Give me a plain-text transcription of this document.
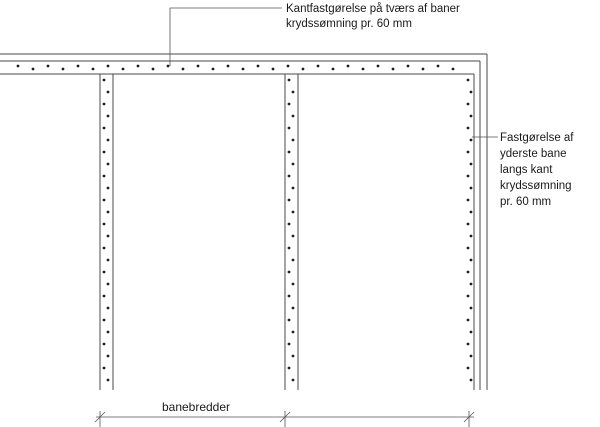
Kantfastgørelse på tværs af baner
krydssømning pr. 60 mm
Fastgørelse af
yderste bane
langs kant
krydssømning
pr. 60 mm
banebredder
